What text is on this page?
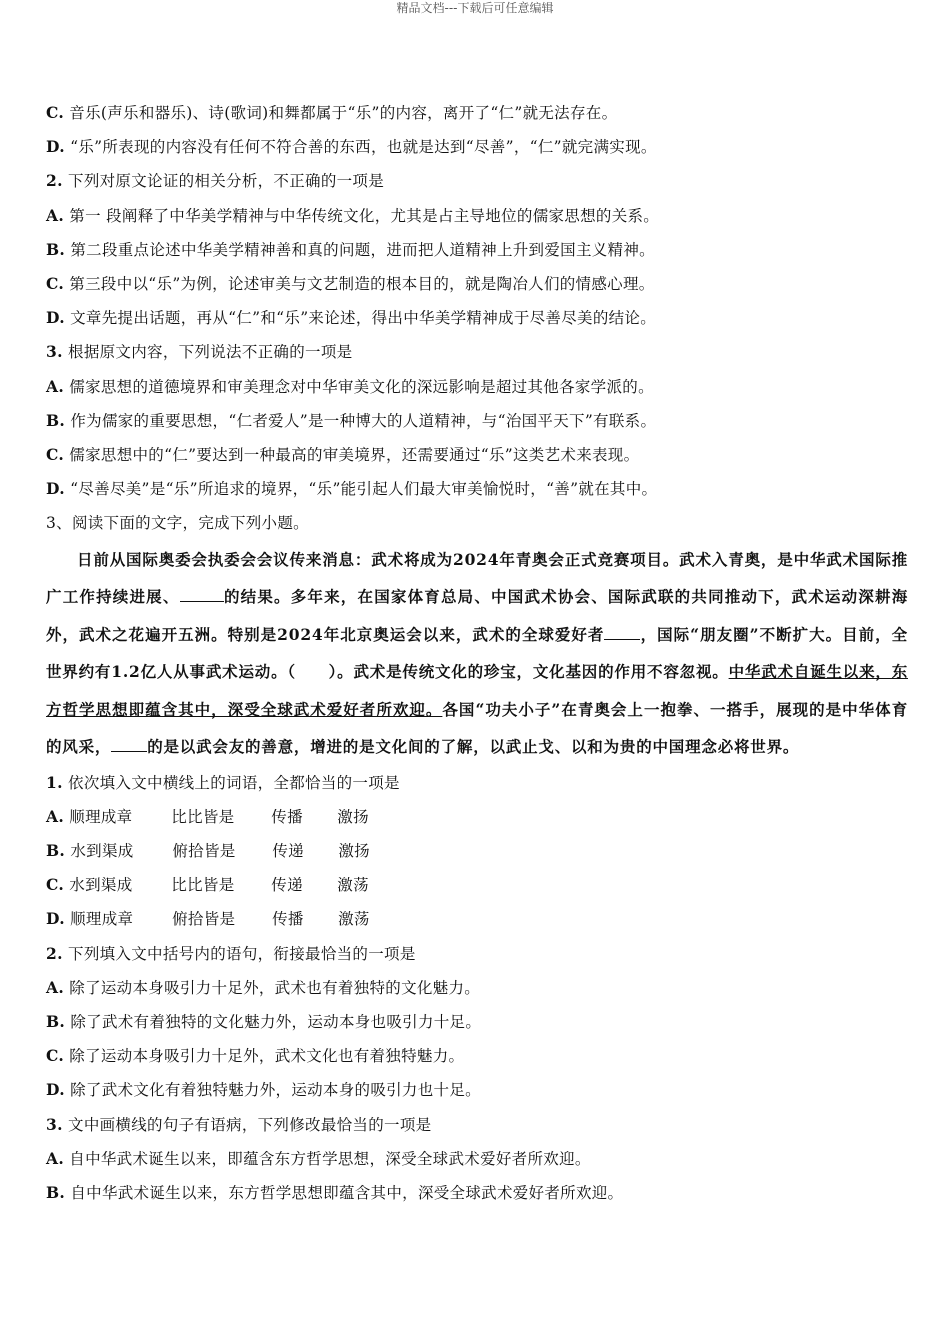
精品文档---下载后可任意编辑
C. 音乐(声乐和器乐)、诗(歌词)和舞都属于“乐”的内容，离开了“仁”就无法存在。
D. “乐”所表现的内容没有任何不符合善的东西，也就是达到“尽善”，“仁”就完满实现。
2. 下列对原文论证的相关分析，不正确的一项是
A. 第一 段阐释了中华美学精神与中华传统文化，尤其是占主导地位的儒家思想的关系。
B. 第二段重点论述中华美学精神善和真的问题，进而把人道精神上升到爱国主义精神。
C. 第三段中以“乐”为例，论述审美与文艺制造的根本目的，就是陶冶人们的情感心理。
D. 文章先提出话题，再从“仁”和“乐”来论述，得出中华美学精神成于尽善尽美的结论。
3. 根据原文内容，下列说法不正确的一项是
A. 儒家思想的道德境界和审美理念对中华审美文化的深远影响是超过其他各家学派的。
B. 作为儒家的重要思想，“仁者爱人”是一种博大的人道精神，与“治国平天下”有联系。
C. 儒家思想中的“仁”要达到一种最高的审美境界，还需要通过“乐”这类艺术来表现。
D. “尽善尽美”是“乐”所追求的境界，“乐”能引起人们最大审美愉悦时，“善”就在其中。
3、阅读下面的文字，完成下列小题。

日前从国际奥委会执委会会议传来消息：武术将成为2024年青奥会正式竞赛项目。武术入青奥，是中华武术国际推广工作持续进展、	的结果。多年来，在国家体育总局、中国武术协会、国际武联的共同推动下，武术运动深耕海外，武术之花遍开五洲。特别是2024年北京奥运会以来，武术的全球爱好者 ，国际“朋友圈”不断扩大。目前，全世界约有1.2亿人从事武术运动。（　　）。武术是传统文化的珍宝，文化基因的作用不容忽视。中华武术自诞生以来，东方哲学思想即蕴含其中，深受全球武术爱好者所欢迎。各国“功夫小子”在青奥会上一抱拳、一搭手，展现的是中华体育的风采， 的是以武会友的善意，增进的是文化间的了解，以武止戈、以和为贵的中国理念必将世界。

1. 依次填入文中横线上的词语，全都恰当的一项是
A. 顺理成章	比比皆是 传播 激扬
B. 水到渠成	俯拾皆是 传递 激扬
C. 水到渠成	比比皆是 传递 激荡
D. 顺理成章	俯拾皆是 传播 激荡
2. 下列填入文中括号内的语句，衔接最恰当的一项是
A. 除了运动本身吸引力十足外，武术也有着独特的文化魅力。
B. 除了武术有着独特的文化魅力外，运动本身也吸引力十足。
C. 除了运动本身吸引力十足外，武术文化也有着独特魅力。
D. 除了武术文化有着独特魅力外，运动本身的吸引力也十足。
3. 文中画横线的句子有语病，下列修改最恰当的一项是
A. 自中华武术诞生以来，即蕴含东方哲学思想，深受全球武术爱好者所欢迎。
B. 自中华武术诞生以来，东方哲学思想即蕴含其中，深受全球武术爱好者所欢迎。
